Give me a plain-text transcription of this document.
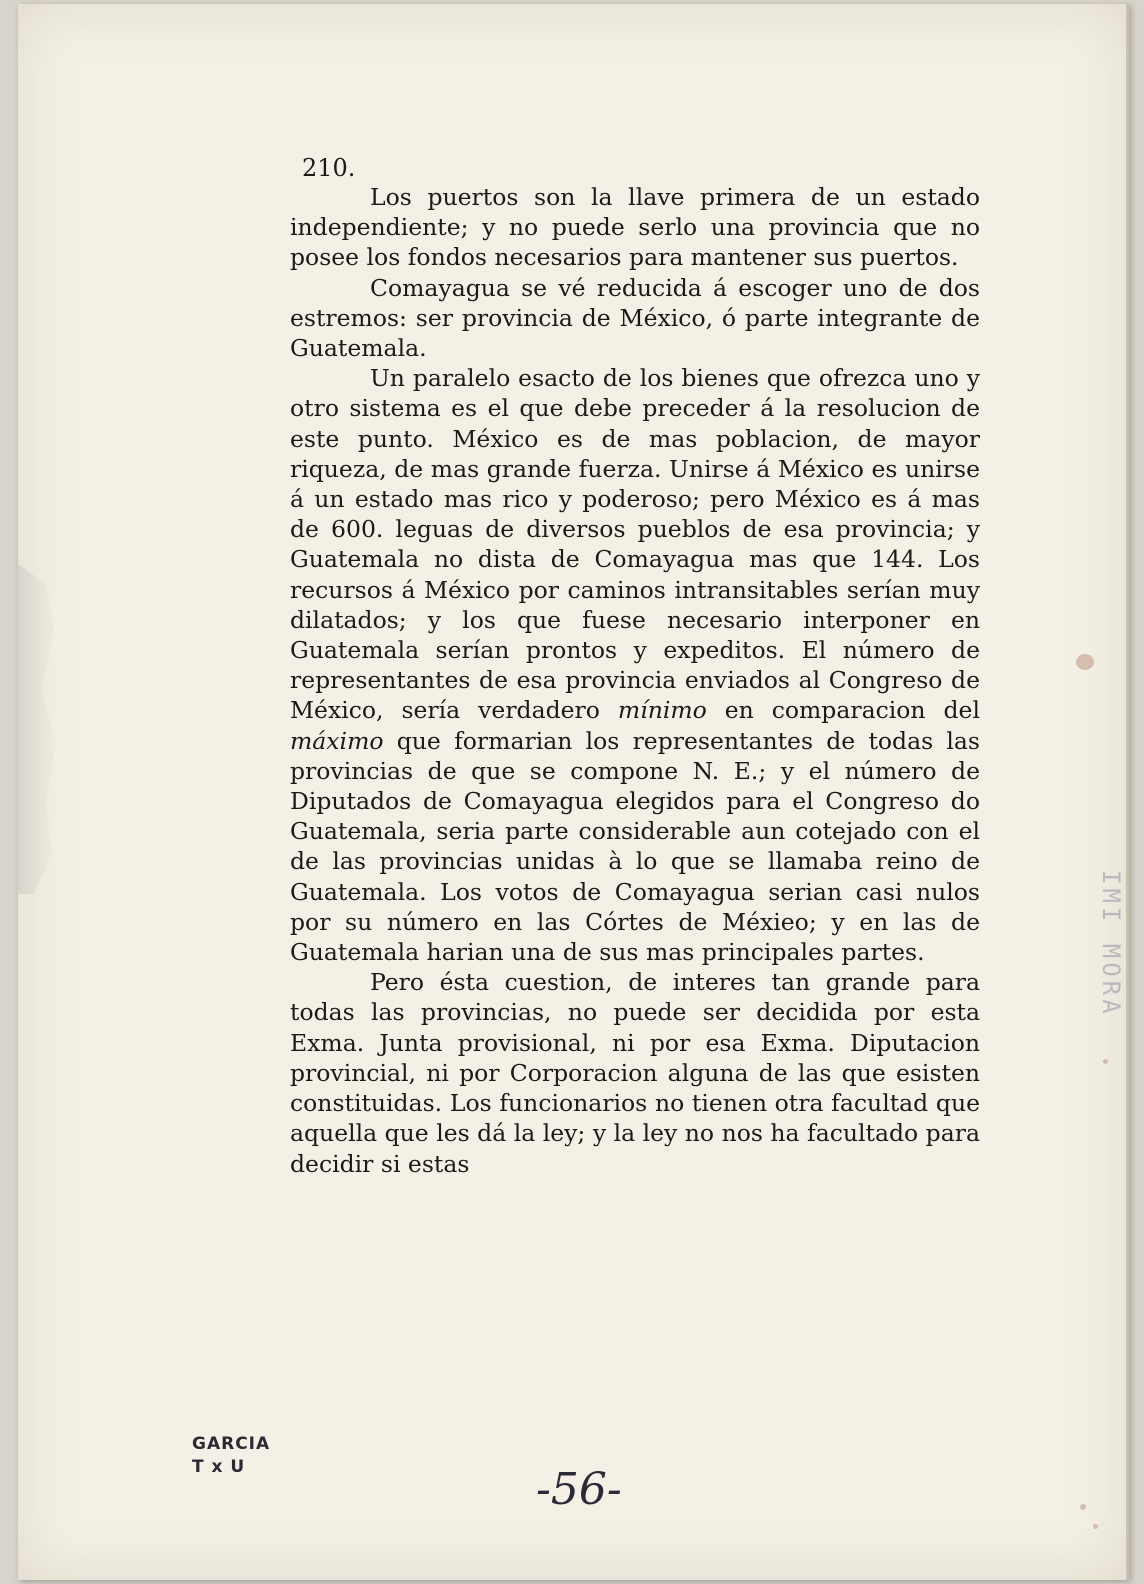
210.

Los puertos son la llave primera de un estado independiente; y no puede serlo una provincia que no posee los fondos necesarios para mantener sus puertos.

Comayagua se vé reducida á escoger uno de dos estremos: ser provincia de México, ó parte integrante de Guatemala.

Un paralelo esacto de los bienes que ofrezca uno y otro sistema es el que debe preceder á la resolucion de este punto. México es de mas poblacion, de mayor riqueza, de mas grande fuerza. Unirse á México es unirse á un estado mas rico y poderoso; pero México es á mas de 600. leguas de diversos pueblos de esa provincia; y Guatemala no dista de Comayagua mas que 144. Los recursos á México por caminos intransitables serían muy dilatados; y los que fuese necesario interponer en Guatemala serían prontos y expeditos. El número de representantes de esa provincia enviados al Congreso de México, sería verdadero mínimo en comparacion del máximo que formarian los representantes de todas las provincias de que se compone N. E.; y el número de Diputados de Comayagua elegidos para el Congreso do Guatemala, seria parte considerable aun cotejado con el de las provincias unidas à lo que se llamaba reino de Guatemala. Los votos de Comayagua serian casi nulos por su número en las Córtes de Méxieo; y en las de Guatemala harian una de sus mas principales partes.

Pero ésta cuestion, de interes tan grande para todas las provincias, no puede ser decidida por esta Exma. Junta provisional, ni por esa Exma. Diputacion provincial, ni por Corporacion alguna de las que esisten constituidas. Los funcionarios no tienen otra facultad que aquella que les dá la ley; y la ley no nos ha facultado para decidir si estas

GARCIA
T x U	-56-
IMI MORA
